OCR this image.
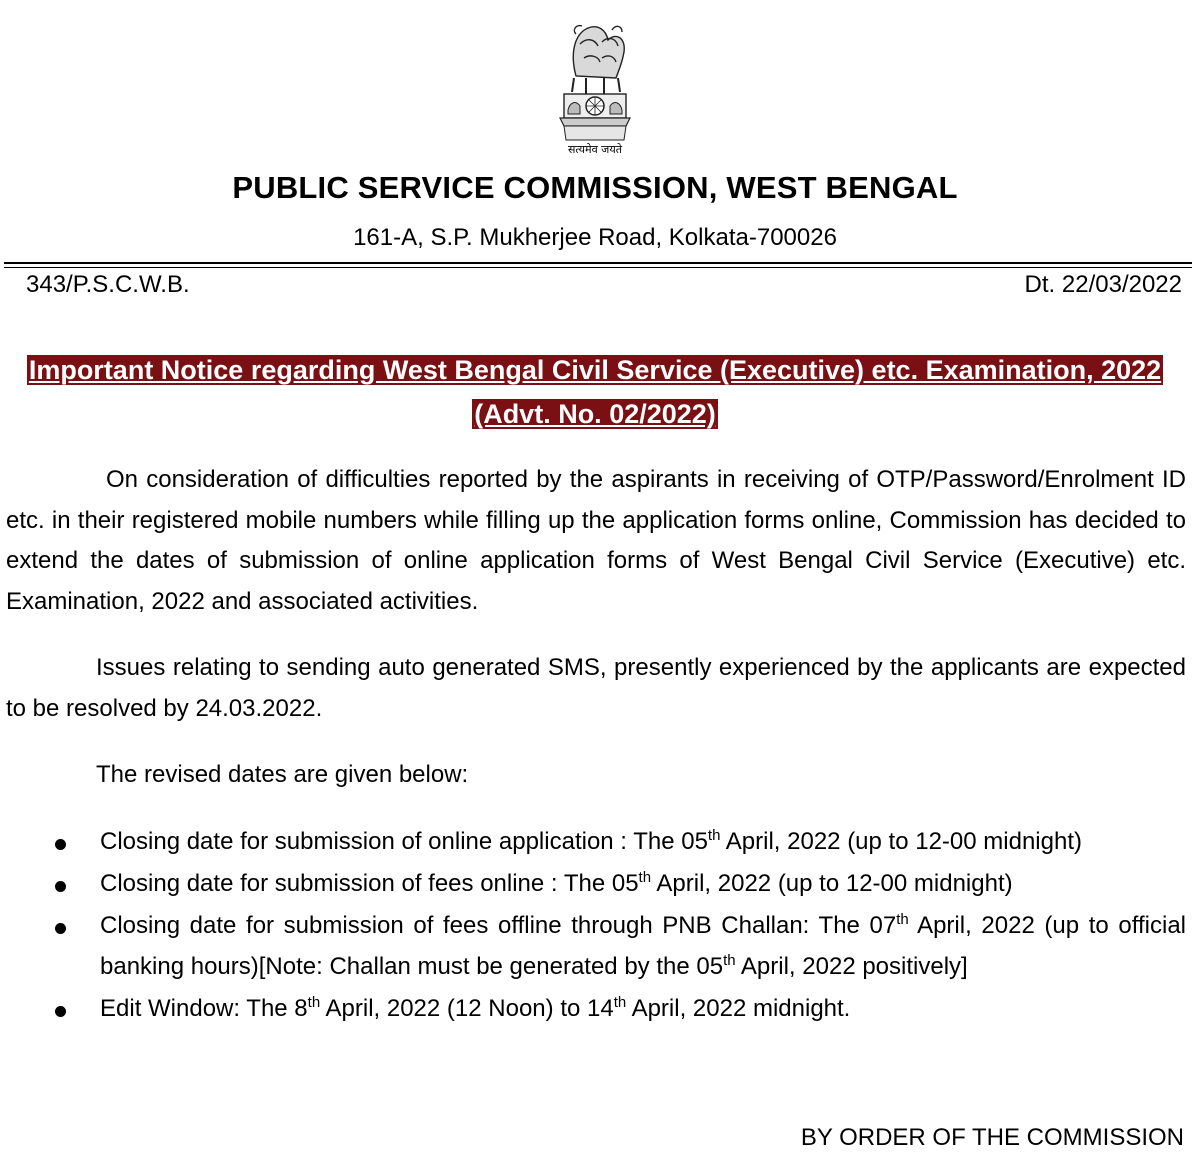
सत्यमेव जयते
PUBLIC SERVICE COMMISSION, WEST BENGAL
161-A, S.P. Mukherjee Road, Kolkata-700026
343/P.S.C.W.B.	Dt. 22/03/2022
Important Notice regarding West Bengal Civil Service (Executive) etc. Examination, 2022
(Advt. No. 02/2022)
On consideration of difficulties reported by the aspirants in receiving of OTP/Password/Enrolment ID etc. in their registered mobile numbers while filling up the application forms online, Commission has decided to extend the dates of submission of online application forms of West Bengal Civil Service (Executive) etc. Examination, 2022 and associated activities.
Issues relating to sending auto generated SMS, presently experienced by the applicants are expected to be resolved by 24.03.2022.
The revised dates are given below:
Closing date for submission of online application : The 05th April, 2022 (up to 12-00 midnight)
Closing date for submission of fees online : The 05th April, 2022 (up to 12-00 midnight)
Closing date for submission of fees offline through PNB Challan: The 07th April, 2022 (up to official banking hours)[Note: Challan must be generated by the 05th April, 2022 positively]
Edit Window: The 8th April, 2022 (12 Noon) to 14th April, 2022 midnight.
BY ORDER OF THE COMMISSION
